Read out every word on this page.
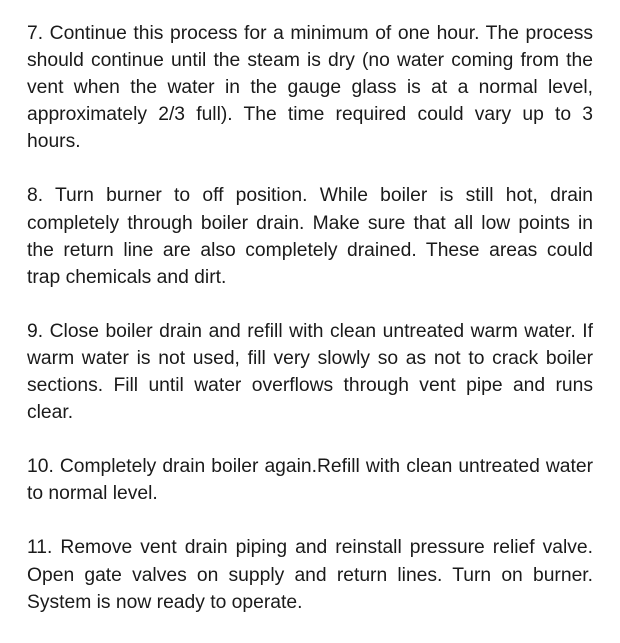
7. Continue this process for a minimum of one hour. The process should continue until the steam is dry (no water coming from the vent when the water in the gauge glass is at a normal level, approximately 2/3 full). The time required could vary up to 3 hours.

8. Turn burner to off position. While boiler is still hot, drain completely through boiler drain. Make sure that all low points in the return line are also completely drained. These areas could trap chemicals and dirt.

9. Close boiler drain and refill with clean untreated warm water. If warm water is not used, fill very slowly so as not to crack boiler sections. Fill until water overflows through vent pipe and runs clear.

10. Completely drain boiler again.Refill with clean untreated water to normal level.

11. Remove vent drain piping and reinstall pressure relief valve. Open gate valves on supply and return lines. Turn on burner. System is now ready to operate.
